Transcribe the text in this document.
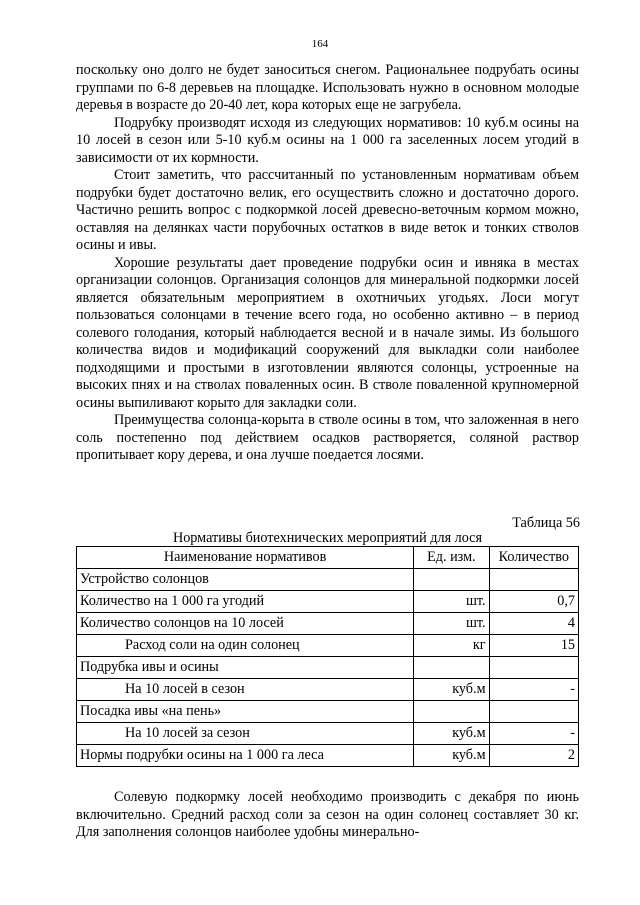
164

поскольку оно долго не будет заноситься снегом. Рациональнее подрубать осины группами по 6-8 деревьев на площадке. Использовать нужно в основном молодые деревья в возрасте до 20-40 лет, кора которых еще не загрубела.

Подрубку производят исходя из следующих нормативов: 10 куб.м осины на 10 лосей в сезон или 5-10 куб.м осины на 1 000 га заселенных лосем угодий в зависимости от их кормности.

Стоит заметить, что рассчитанный по установленным нормативам объем подрубки будет достаточно велик, его осуществить сложно и достаточно дорого. Частично решить вопрос с подкормкой лосей древесно-веточным кормом можно, оставляя на делянках части порубочных остатков в виде веток и тонких стволов осины и ивы.

Хорошие результаты дает проведение подрубки осин и ивняка в местах организации солонцов. Организация солонцов для минеральной подкормки лосей является обязательным мероприятием в охотничьих угодьях. Лоси могут пользоваться солонцами в течение всего года, но особенно активно – в период солевого голодания, который наблюдается весной и в начале зимы. Из большого количества видов и модификаций сооружений для выкладки соли наиболее подходящими и простыми в изготовлении являются солонцы, устроенные на высоких пнях и на стволах поваленных осин. В стволе поваленной крупномерной осины выпиливают корыто для закладки соли.

Преимущества солонца-корыта в стволе осины в том, что заложенная в него соль постепенно под действием осадков растворяется, соляной раствор пропитывает кору дерева, и она лучше поедается лосями.

Таблица 56
Нормативы биотехнических мероприятий для лося
Наименование нормативов	Ед. изм.	Количество
Устройство солонцов		
Количество на 1 000 га угодий	шт.	0,7
Количество солонцов на 10 лосей	шт.	4
Расход соли на один солонец	кг	15
Подрубка ивы и осины		
На 10 лосей в сезон	куб.м	-
Посадка ивы «на пень»		
На 10 лосей за сезон	куб.м	-
Нормы подрубки осины на 1 000 га леса	куб.м	2

Солевую подкормку лосей необходимо производить с декабря по июнь включительно. Средний расход соли за сезон на один солонец составляет 30 кг. Для заполнения солонцов наиболее удобны минерально-
